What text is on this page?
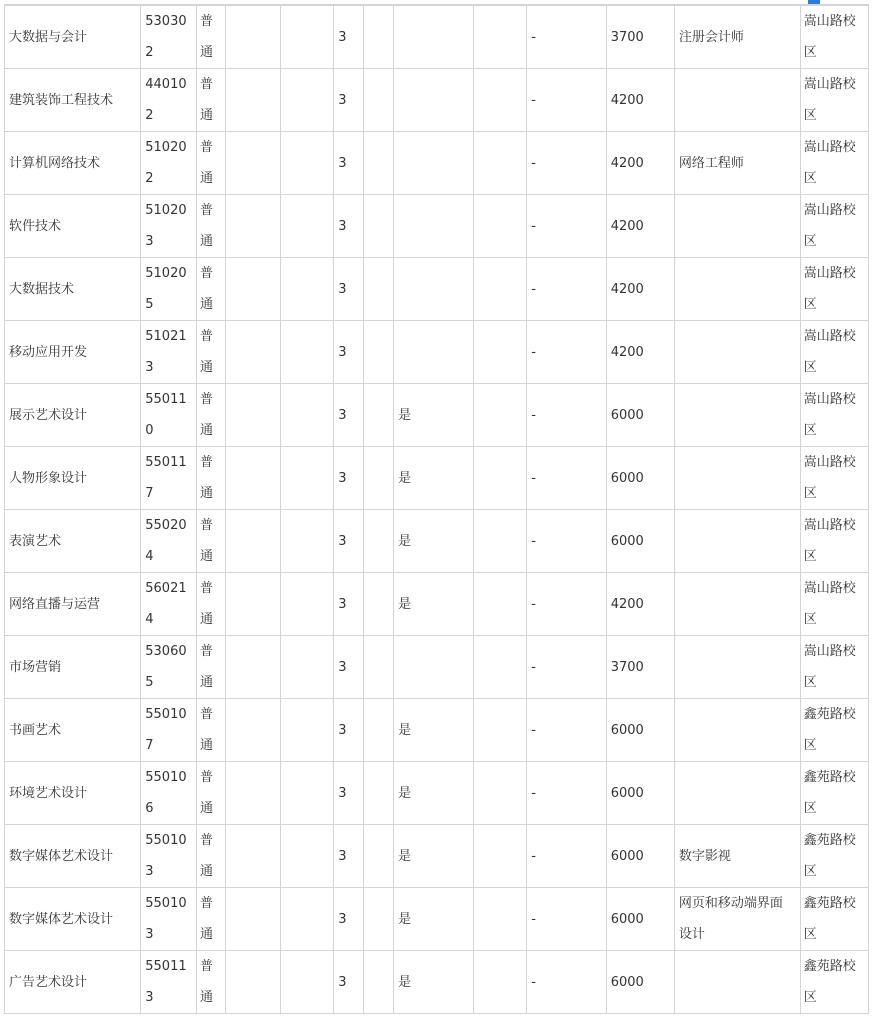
大数据与会计	530302	普通			3				-	3700	注册会计师	嵩山路校区
建筑装饰工程技术	440102	普通			3				-	4200		嵩山路校区
计算机网络技术	510202	普通			3				-	4200	网络工程师	嵩山路校区
软件技术	510203	普通			3				-	4200		嵩山路校区
大数据技术	510205	普通			3				-	4200		嵩山路校区
移动应用开发	510213	普通			3				-	4200		嵩山路校区
展示艺术设计	550110	普通			3		是		-	6000		嵩山路校区
人物形象设计	550117	普通			3		是		-	6000		嵩山路校区
表演艺术	550204	普通			3		是		-	6000		嵩山路校区
网络直播与运营	560214	普通			3		是		-	4200		嵩山路校区
市场营销	530605	普通			3				-	3700		嵩山路校区
书画艺术	550107	普通			3		是		-	6000		鑫苑路校区
环境艺术设计	550106	普通			3		是		-	6000		鑫苑路校区
数字媒体艺术设计	550103	普通			3		是		-	6000	数字影视	鑫苑路校区
数字媒体艺术设计	550103	普通			3		是		-	6000	网页和移动端界面设计	鑫苑路校区
广告艺术设计	550113	普通			3		是		-	6000		鑫苑路校区
